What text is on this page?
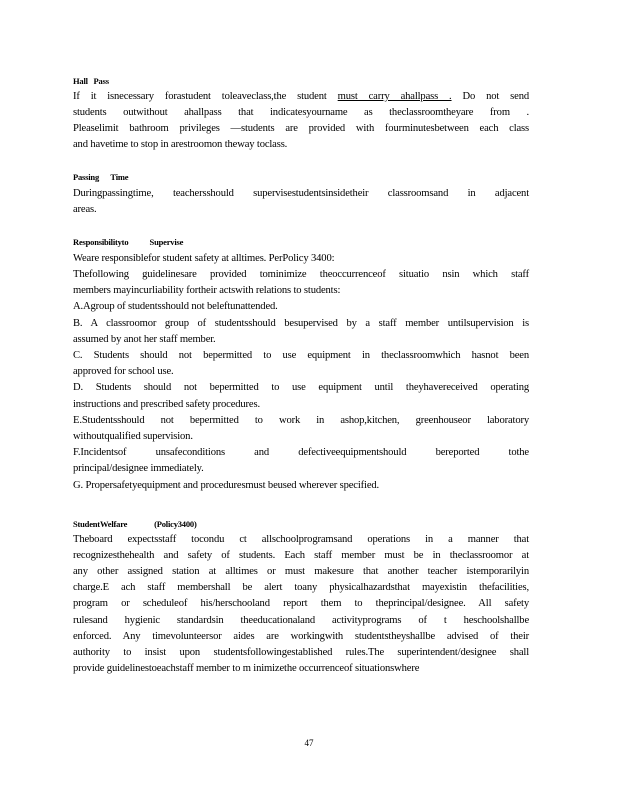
Hall   Pass
If it isnecessary forastudent toleaveclass,the student must carry ahallpass . Do not send
students outwithout ahallpass that indicatesyourname as theclassroomtheyare from .
Pleaselimit bathroom privileges —students are provided with fourminutesbetween each class
and havetime to stop in arestroomon theway toclass.
Passing      Time
Duringpassingtime, teachersshould supervisestudentsinsidetheir classroomsand in adjacent
areas.
Responsibilityto           Supervise
Weare responsiblefor student safety at alltimes. PerPolicy 3400:
Thefollowing guidelinesare provided tominimize theoccurrenceof situatio nsin which staff
members mayincurliability fortheir actswith relations to students:
A.Agroup of studentsshould not beleftunattended.
B. A classroomor group of studentsshould besupervised by a staff member untilsupervision is
assumed by anot her staff member.
C. Students should not bepermitted to use equipment in theclassroomwhich hasnot been
approved for school use.
D. Students should not bepermitted to use equipment until theyhavereceived operating
instructions and prescribed safety procedures.
E.Studentsshould not bepermitted to work in ashop,kitchen, greenhouseor laboratory
withoutqualified supervision.
F.Incidentsof unsafeconditions and defectiveequipmentshould bereported tothe
principal/designee immediately.
G. Propersafetyequipment and proceduresmust beused wherever specified.
StudentWelfare              (Policy3400)
Theboard expectsstaff tocondu ct allschoolprogramsand operations in a manner that
recognizesthehealth and safety of students. Each staff member must be in theclassroomor at
any other assigned station at alltimes or must makesure that another teacher istemporarilyin
charge.E ach staff membershall be alert toany physicalhazardsthat mayexistin thefacilities,
program or scheduleof his/herschooland report them to theprincipal/designee. All safety
rulesand hygienic standardsin theeducationaland activityprograms of t heschoolshallbe
enforced. Any timevolunteersor aides are workingwith studentstheyshallbe advised of their
authority to insist upon studentsfollowingestablished rules.The superintendent/designee shall
provide guidelinestoeachstaff member to m inimizethe occurrenceof situationswhere
47
